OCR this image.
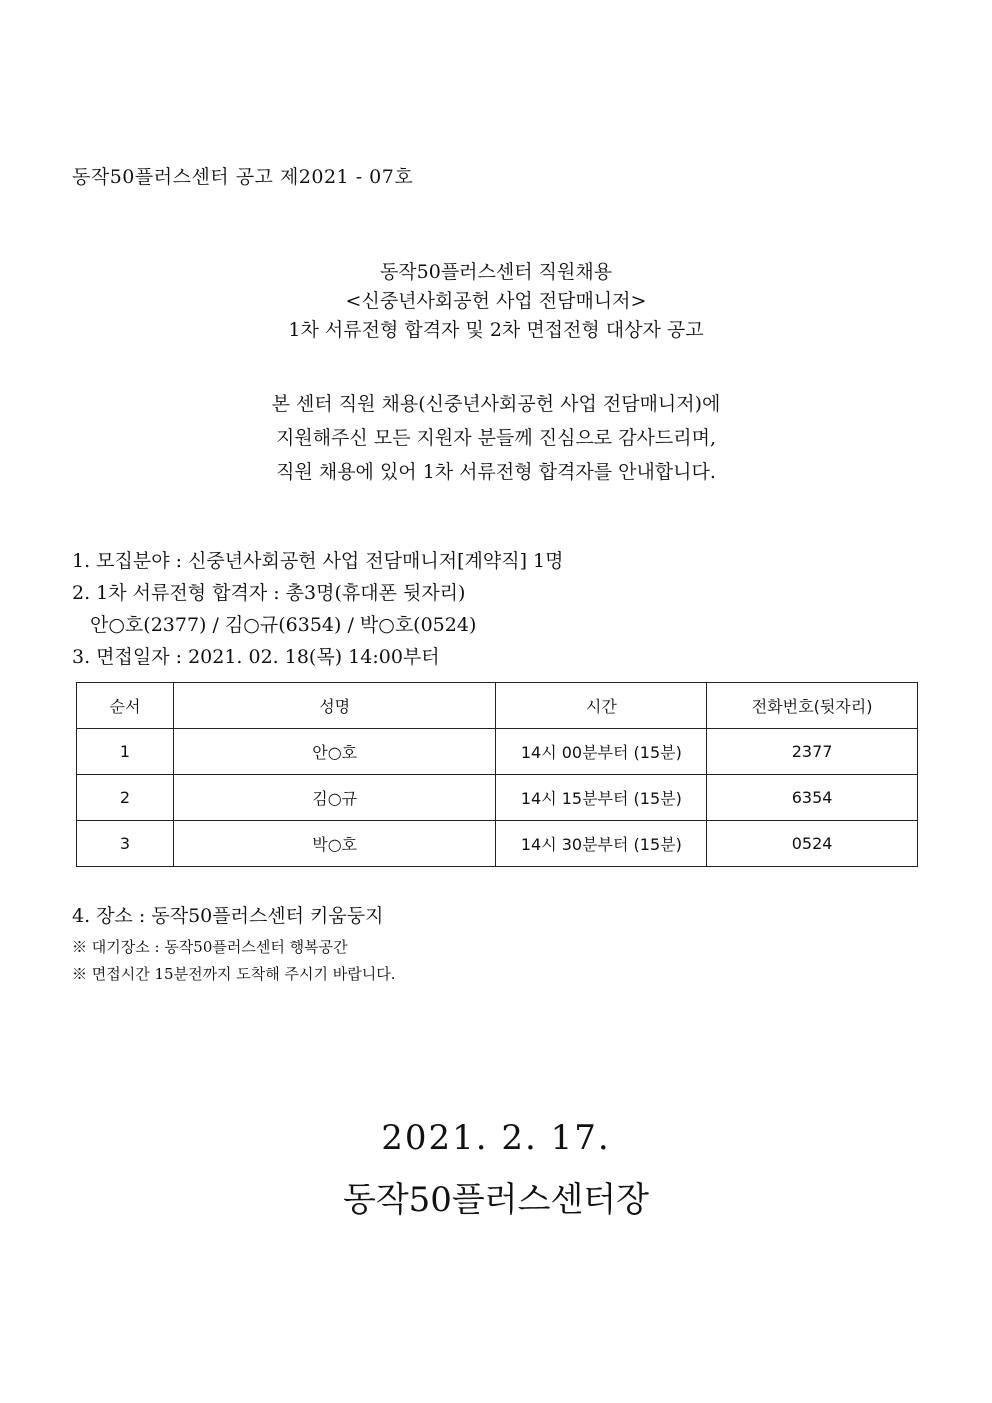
동작50플러스센터 공고 제2021 - 07호
동작50플러스센터 직원채용
<신중년사회공헌 사업 전담매니저>
1차 서류전형 합격자 및 2차 면접전형 대상자 공고
본 센터 직원 채용(신중년사회공헌 사업 전담매니저)에
지원해주신 모든 지원자 분들께 진심으로 감사드리며,
직원 채용에 있어 1차 서류전형 합격자를 안내합니다.
1. 모집분야 : 신중년사회공헌 사업 전담매니저[계약직] 1명
2. 1차 서류전형 합격자 : 총3명(휴대폰 뒷자리)
안○호(2377) / 김○규(6354) / 박○호(0524)
3. 면접일자 : 2021. 02. 18(목) 14:00부터
순서	성명	시간	전화번호(뒷자리)
1	안○호	14시 00분부터 (15분)	2377
2	김○규	14시 15분부터 (15분)	6354
3	박○호	14시 30분부터 (15분)	0524
4. 장소 : 동작50플러스센터 키움둥지
※ 대기장소 : 동작50플러스센터 행복공간
※ 면접시간 15분전까지 도착해 주시기 바랍니다.
2021. 2. 17.
동작50플러스센터장
